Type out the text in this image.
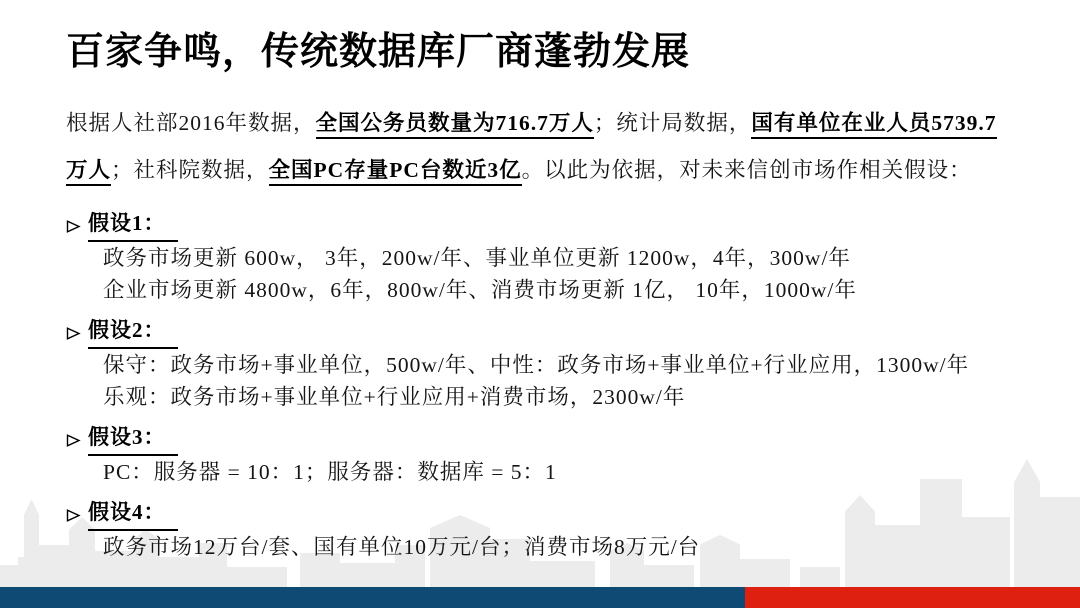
百家争鸣，传统数据库厂商蓬勃发展

根据人社部2016年数据，全国公务员数量为716.7万人；统计局数据，国有单位在业人员5739.7万人；社科院数据，全国PC存量PC台数近3亿。以此为依据，对未来信创市场作相关假设：

假设1：
政务市场更新 600w， 3年，200w/年、事业单位更新 1200w，4年，300w/年
企业市场更新 4800w，6年，800w/年、消费市场更新 1亿， 10年，1000w/年
假设2：
保守：政务市场+事业单位，500w/年、中性：政务市场+事业单位+行业应用，1300w/年
乐观：政务市场+事业单位+行业应用+消费市场，2300w/年
假设3：
PC：服务器 = 10：1；服务器：数据库 = 5：1
假设4：
政务市场12万台/套、国有单位10万元/台；消费市场8万元/台
